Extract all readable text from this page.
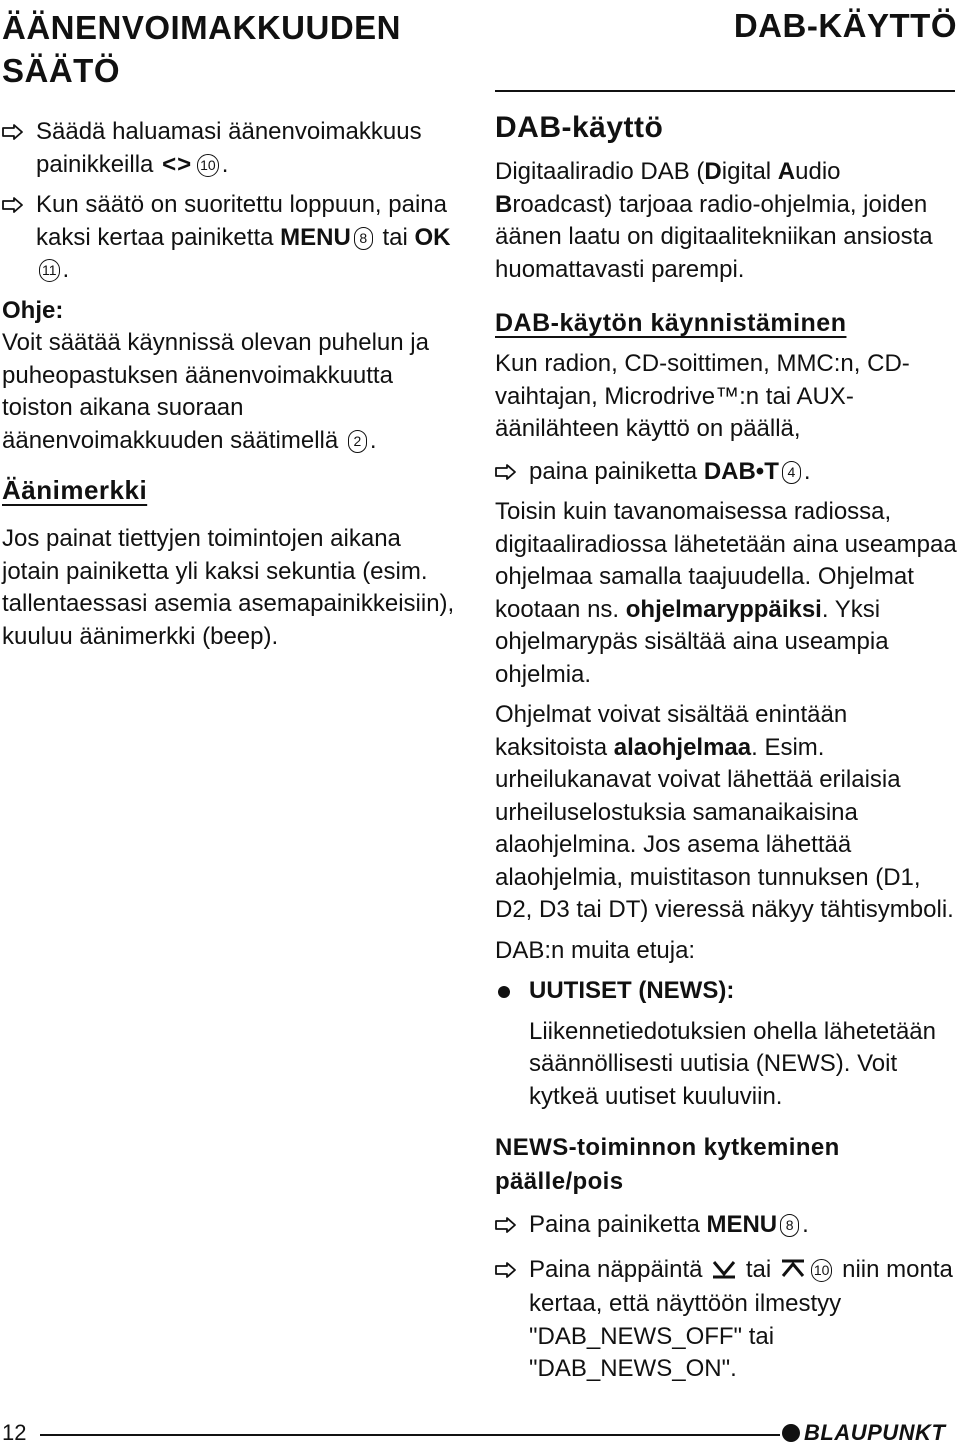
ÄÄNENVOIMAKKUUDEN SÄÄTÖ
Säädä haluamasi äänenvoimakkuus painikkeilla <> 10 .
Kun säätö on suoritettu loppuun, paina kaksi kertaa painiketta MENU 8 tai OK11 .

Ohje:

Voit säätää käynnissä olevan puhelun ja puheopastuksen äänenvoimakkuutta toiston aikana suoraan äänenvoimakkuuden säätimellä 2 .

Äänimerkki

Jos painat tiettyjen toimintojen aikana jotain painiketta yli kaksi sekuntia (esim. tallentaessasi asemia asemapainikkeisiin), kuuluu äänimerkki (beep).

DAB-KÄYTTÖ
DAB-käyttö

Digitaaliradio DAB (Digital Audio Broadcast) tarjoaa radio-ohjelmia, joiden äänen laatu on digitaalitekniikan ansiosta huomattavasti parempi.

DAB-käytön käynnistäminen

Kun radion, CD-soittimen, MMC:n, CD-vaihtajan, Microdrive™:n tai AUX-äänilähteen käyttö on päällä,

paina painiketta DAB•T 4 .

Toisin kuin tavanomaisessa radiossa, digitaaliradiossa lähetetään aina useampaa ohjelmaa samalla taajuudella. Ohjelmat kootaan ns. ohjelmaryppäiksi. Yksi ohjelmarypäs sisältää aina useampia ohjelmia.

Ohjelmat voivat sisältää enintään kaksitoista alaohjelmaa. Esim. urheilukanavat voivat lähettää erilaisia urheiluselostuksia samanaikaisina alaohjelmina. Jos asema lähettää alaohjelmia, muistitason tunnuksen (D1, D2, D3 tai DT) vieressä näkyy tähtisymboli.

DAB:n muita etuja:

UUTISET (NEWS):

Liikennetiedotuksien ohella lähetetään säännöllisesti uutisia (NEWS). Voit kytkeä uutiset kuuluviin.

NEWS-toiminnon kytkeminen päälle/pois
Paina painiketta MENU 8 .
Paina näppäintä tai	10 niin monta kertaa, että näyttöön ilmestyy "DAB_NEWS_OFF" tai "DAB_NEWS_ON".
12	BLAUPUNKT
